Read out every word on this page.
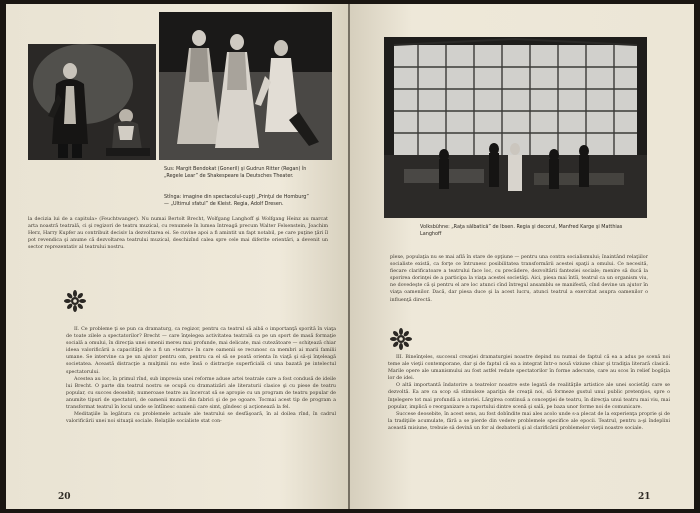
Sus: Margit Bendokat (Goneril) şi Gudrun Ritter (Regan) în „Regele Lear” de Shakespeare la Deutsches Theater.
Stînga: imagine din spectacolul-cupţi „Prinţul de Homburg” — „Ultimul sfatul” de Kleist. Regia, Adolf Dresen.

la decizia lui de a capitula» (Feuchtwanger). Nu numai Bertolt Brecht, Wolfgang Langhoff şi Wolfgang Heinz au marcat arta noastră teatrală, ci şi regizori de teatru muzical, cu renumele în lumea întreagă precum Walter Felsenstein, Joachim Herz, Harry Kupfer au contribuit decisiv la dezvoltarea ei. Se cuvine apoi a fi amintit un fapt notabil, pe care puţine ţări îl pot revendica şi anume că dezvoltarea teatrului muzical, deschizînd calea spre cele mai diferite orientări, a devenit un sector reprezentativ al teatrului nostru.

II. Ce probleme ţi se pun ca dramaturg, ca regizor, pentru ca teatrul să aibă o importanţă sporită în viaţa de toate zilele a spectatorilor? Brecht — care înţelegea activitatea teatrală ca pe un sport de masă formaţie socială a omului, în direcţia unei omenii mereu mai profunde, mai delicate, mai cutezătoare — schiţează chiar ideea valorificării a capacităţii de a fi un «teatru» în care oamenii se recunosc ca membri ai marii familii umane. Se intervine ca pe un ajutor pentru om, pentru ca el să se poată orienta în viaţă şi să-şi înţeleagă societatea. Această distracţie a mulţimii nu este însă o distracţie superficială ci una bazată pe intelectul spectatorului.

Acestea au loc, în primul rînd, sub impresia unei reforme aduse artei teatrale care a fost condusă de ideile lui Brecht. O parte din teatrul nostru se ocupă cu dramatizări ale literaturii clasice şi cu piese de teatru popular, cu succes deosebit; numeroase teatre au încercat să se apropie cu un program de teatru popular de anumite tipuri de spectatori, de oamenii muncii din fabrici şi de pe ogoare. Tocmai acest tip de program a transformat teatrul în locul unde se întîlnesc oamenii care simt, gîndesc şi acţionează la fel.

Meditaţiile la legătura cu problemele actuale ale teatrului se desfăşoară, în al doilea rînd, în cadrul valorificării unei noi situaţii sociale. Relaţiile socialiste stat con-

20
Volksbühne: „Raţa sălbatică” de Ibsen. Regia şi decorul, Manfred Karge şi Matthias Langhoff

plexe, populaţia nu se mai află în stare de opţiune — pentru una contra socialismului; înaintând relaţiilor socialiste există, ca forţe ce întrunesc posibilitatea transformării acestei spaţii a omului. Ce necesită, fiecare clarificatoare a teatrului face loc, cu precădere, dezvoltării fanteziei sociale; menire să ducă la sporirea dorinţei de a participa la viaţa acestei societăţi. Aici, piesa mai întîi, teatrul ca un organism viu, ne dovedeşte că şi pentru el are loc atunci cînd întregul ansamblu se manifestă, cînd devine un ajutor în viaţa oamenilor. Dacă, dar piesa duce şi la acest lucru, atunci teatrul a exercitat asupra oamenilor o influenţă directă.

III. Bineînţeles, succesul creaţiei dramaturgiei noastre depind nu numai de faptul că ea a adus pe scenă noi teme ale vieţii contemporane, dar şi de faptul că ea a integrat într-o nouă viziune chiar şi tradiţia literară clasică. Marile opere ale umanismului au fost astfel redate spectatorilor în forme adecvate, care au scos în relief bogăţia lor de idei.

O altă importantă îndatorire a teatrelor noastre este legată de realităţile artistice ale unei societăţi care se dezvoltă. Ea are ca scop să stimuleze apariţia de creaţii noi, să formeze gustul unui public pretenţios, spre o înţelegere tot mai profundă a istoriei. Lărgirea continuă a concepţiei de teatru, în direcţia unui teatru mai viu, mai popular, implică o reorganizare a raportului dintre scenă şi sală, pe baza unor forme noi de comunicare.

Succese deosebite, în acest sens, au fost dobîndite mai ales acolo unde s-a plecat de la experienţa proprie şi de la tradiţiile acumulate, fără a se pierde din vedere problemele specifice ale epocii. Teatrul, pentru a-şi îndeplini această misiune, trebuie să devină un for al dezbaterii şi al clarificării problemelor vieţii noastre sociale.

21
